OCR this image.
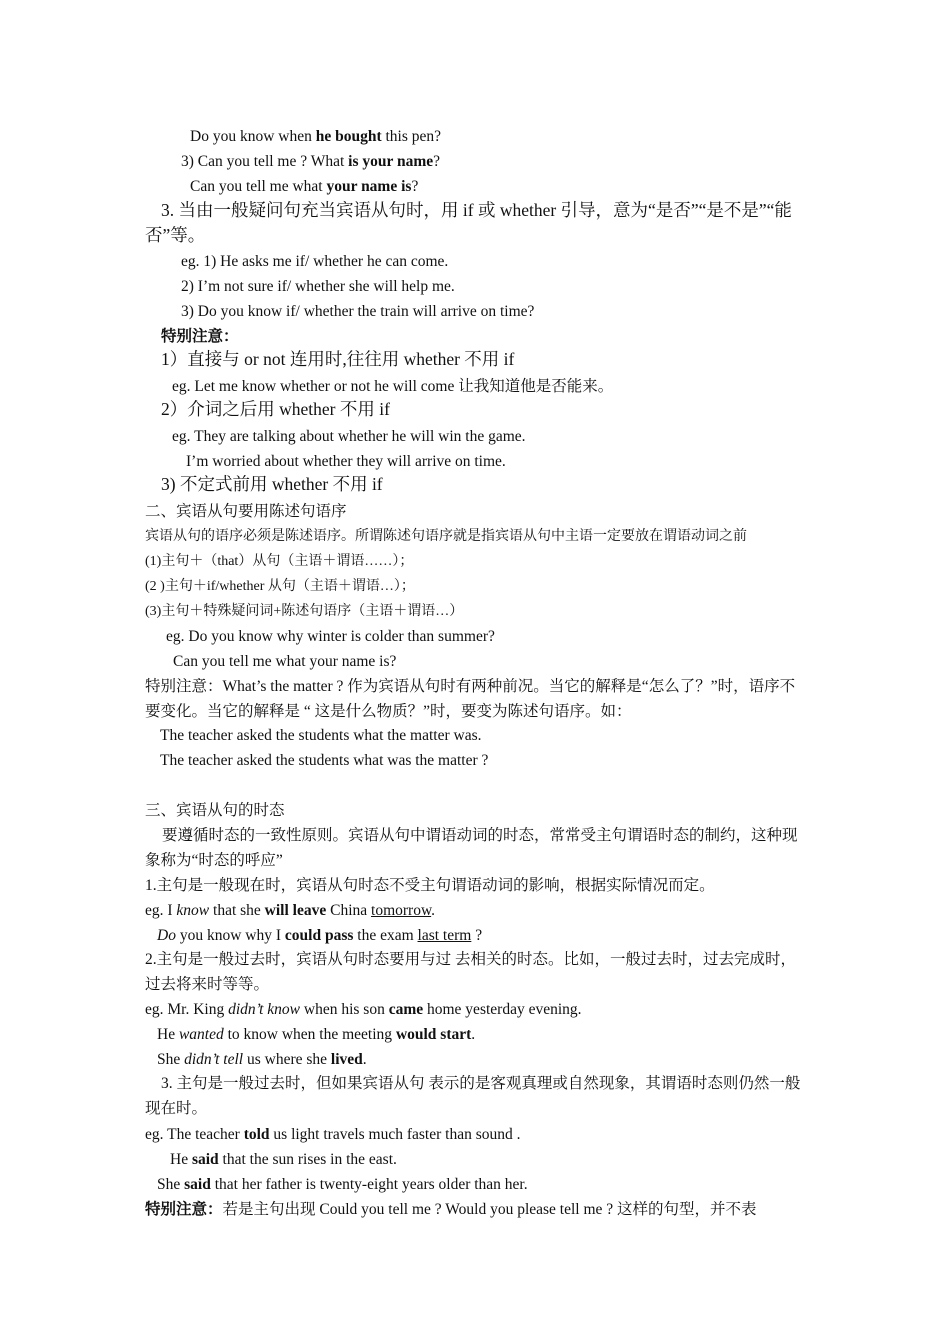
Do you know when he bought this pen?
3) Can you tell me ? What is your name?
Can you tell me what your name is?
3. 当由一般疑问句充当宾语从句时，用 if 或 whether 引导，意为“是否”“是不是”“能否”等。
eg. 1) He asks me if/ whether he can come.
2) I’m not sure if/ whether she will help me.
3) Do you know if/ whether the train will arrive on time?
特别注意：
1）直接与 or not 连用时,往往用 whether 不用 if
eg. Let me know whether or not he will come 让我知道他是否能来。
2）介词之后用 whether 不用 if
eg. They are talking about whether he will win the game.
I’m worried about whether they will arrive on time.
3) 不定式前用 whether 不用 if
二、宾语从句要用陈述句语序
宾语从句的语序必须是陈述语序。所谓陈述句语序就是指宾语从句中主语一定要放在谓语动词之前
(1)主句＋（that）从句（主语＋谓语……）；
(2 )主句＋if/whether 从句（主语＋谓语…）；
(3)主句＋特殊疑问词+陈述句语序（主语＋谓语…）
eg. Do you know why winter is colder than summer?
Can you tell me what your name is?
特别注意：What’s the matter ? 作为宾语从句时有两种前况。当它的解释是“怎么了？”时，语序不要变化。当它的解释是 “ 这是什么物质？”时，要变为陈述句语序。如：
The teacher asked the students what the matter was.
The teacher asked the students what was the matter ?
三、宾语从句的时态
要遵循时态的一致性原则。宾语从句中谓语动词的时态，常常受主句谓语时态的制约，这种现象称为“时态的呼应”
1.主句是一般现在时，宾语从句时态不受主句谓语动词的影响，根据实际情况而定。
eg. I know that she will leave China tomorrow.
Do you know why I could pass the exam last term ?
2.主句是一般过去时，宾语从句时态要用与过 去相关的时态。比如，一般过去时，过去完成时，过去将来时等等。
eg. Mr. King didn’t know when his son came home yesterday evening.
He wanted to know when the meeting would start.
She didn’t tell us where she lived.
3. 主句是一般过去时，但如果宾语从句 表示的是客观真理或自然现象，其谓语时态则仍然一般现在时。
eg. The teacher told us light travels much faster than sound .
He said that the sun rises in the east.
She said that her father is twenty-eight years older than her.
特别注意：若是主句出现 Could you tell me ? Would you please tell me ? 这样的句型，并不表
